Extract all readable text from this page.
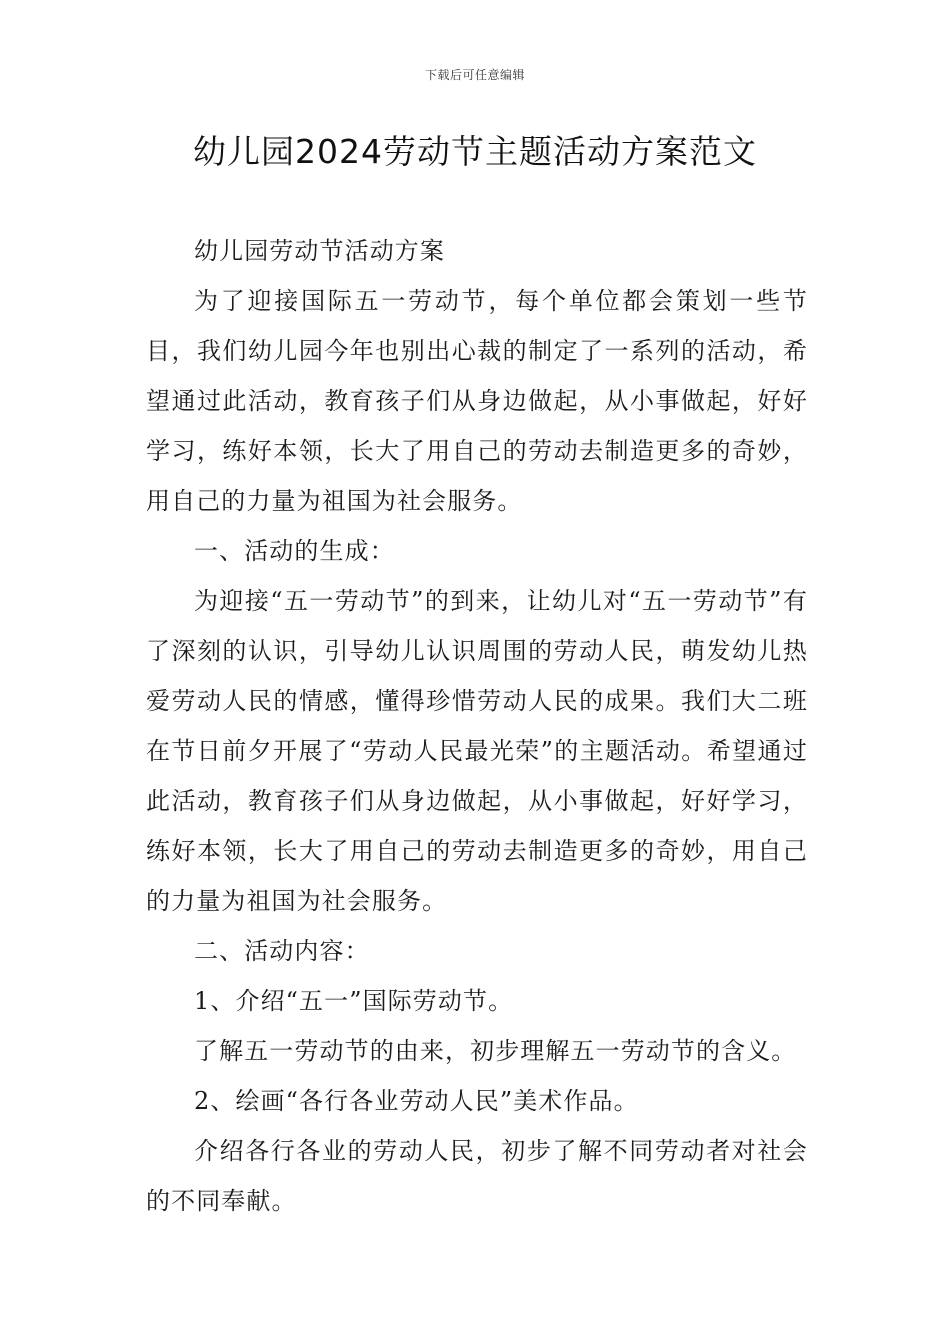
下载后可任意编辑
幼儿园2024劳动节主题活动方案范文

幼儿园劳动节活动方案

为了迎接国际五一劳动节，每个单位都会策划一些节目，我们幼儿园今年也别出心裁的制定了一系列的活动，希望通过此活动，教育孩子们从身边做起，从小事做起，好好学习，练好本领，长大了用自己的劳动去制造更多的奇妙，用自己的力量为祖国为社会服务。

一、活动的生成：

为迎接“五一劳动节”的到来，让幼儿对“五一劳动节”有了深刻的认识，引导幼儿认识周围的劳动人民，萌发幼儿热爱劳动人民的情感，懂得珍惜劳动人民的成果。我们大二班在节日前夕开展了“劳动人民最光荣”的主题活动。希望通过此活动，教育孩子们从身边做起，从小事做起，好好学习，练好本领，长大了用自己的劳动去制造更多的奇妙，用自己的力量为祖国为社会服务。

二、活动内容：

1、介绍“五一”国际劳动节。

了解五一劳动节的由来，初步理解五一劳动节的含义。

2、绘画“各行各业劳动人民”美术作品。

介绍各行各业的劳动人民，初步了解不同劳动者对社会的不同奉献。
